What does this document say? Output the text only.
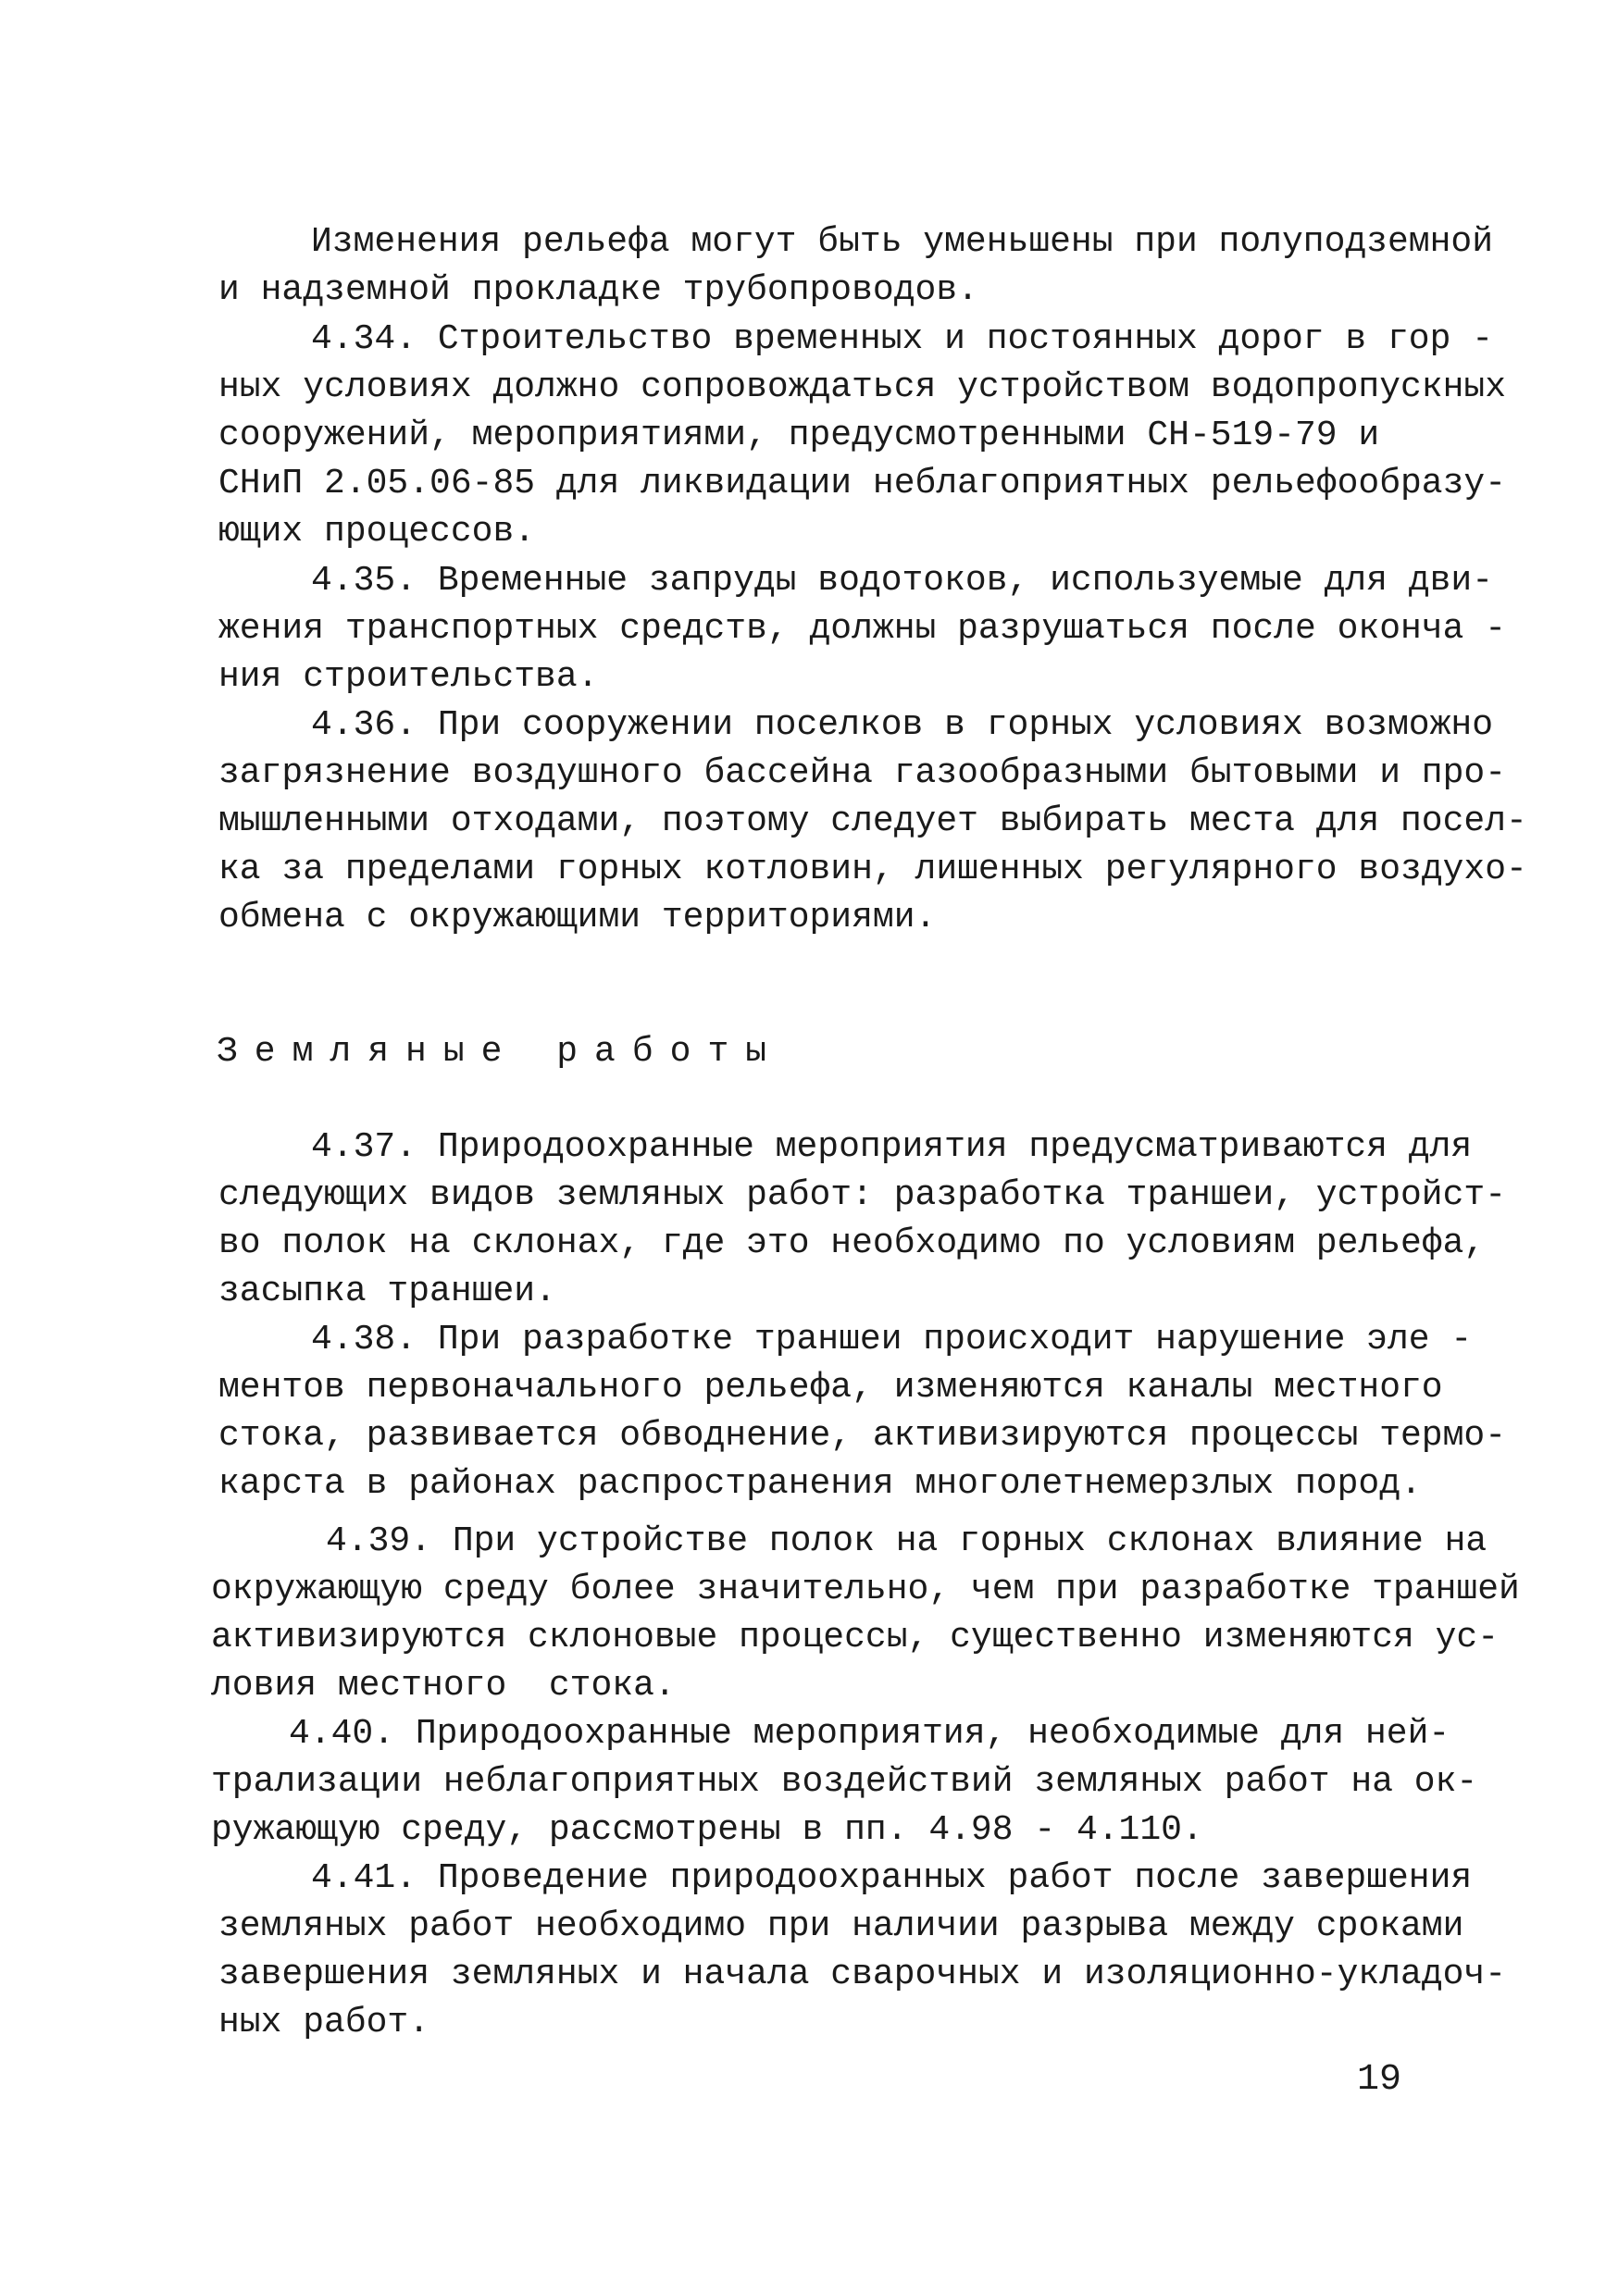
Изменения рельефа могут быть уменьшены при полуподземной
и надземной прокладке трубопроводов.
4.34. Строительство временных и постоянных дорог в гор -
ных условиях должно сопровождаться устройством водопропускных
сооружений, мероприятиями, предусмотренными СН-519-79 и
СНиП 2.05.06-85 для ликвидации неблагоприятных рельефообразу-
ющих процессов.
4.35. Временные запруды водотоков, используемые для дви-
жения транспортных средств, должны разрушаться после оконча -
ния строительства.
4.36. При сооружении поселков в горных условиях возможно
загрязнение воздушного бассейна газообразными бытовыми и про-
мышленными отходами, поэтому следует выбирать места для посел-
ка за пределами горных котловин, лишенных регулярного воздухо-
обмена с окружающими территориями.
Земляные работы
4.37. Природоохранные мероприятия предусматриваются для
следующих видов земляных работ: разработка траншеи, устройст-
во полок на склонах, где это необходимо по условиям рельефа,
засыпка траншеи.
4.38. При разработке траншеи происходит нарушение эле -
ментов первоначального рельефа, изменяются каналы местного
стока, развивается обводнение, активизируются процессы термо-
карста в районах распространения многолетнемерзлых пород.
4.39. При устройстве полок на горных склонах влияние на
окружающую среду более значительно, чем при разработке траншей
активизируются склоновые процессы, существенно изменяются ус-
ловия местного  стока.
4.40. Природоохранные мероприятия, необходимые для ней-
трализации неблагоприятных воздействий земляных работ на ок-
ружающую среду, рассмотрены в пп. 4.98 - 4.110.
4.41. Проведение природоохранных работ после завершения
земляных работ необходимо при наличии разрыва между сроками
завершения земляных и начала сварочных и изоляционно-укладоч-
ных работ.
19
